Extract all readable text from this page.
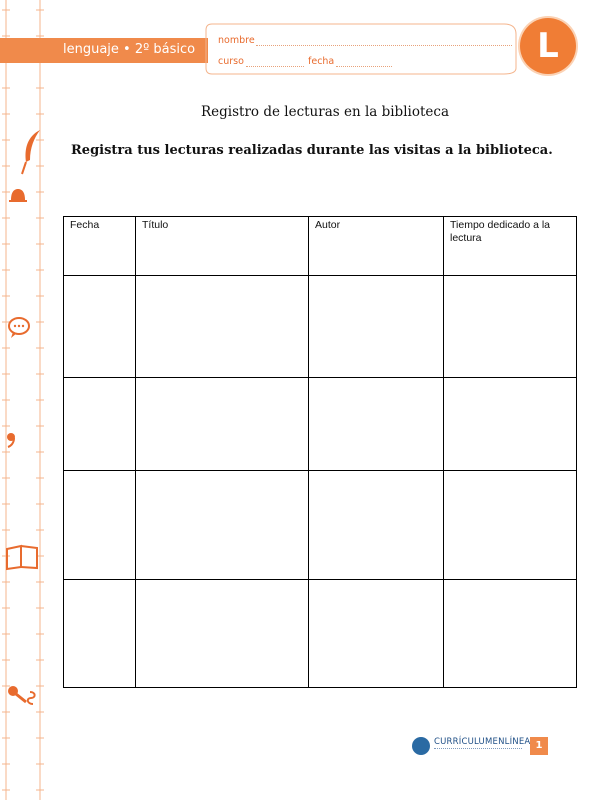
lenguaje • 2º básico
nombre
curso	fecha	L
Registro de lecturas en la biblioteca
Registra tus lecturas realizadas durante las visitas a la biblioteca.
Fecha	Título	Autor	Tiempo dedicado a la lectura

CURRÍCULUMENLÍNEA 1
